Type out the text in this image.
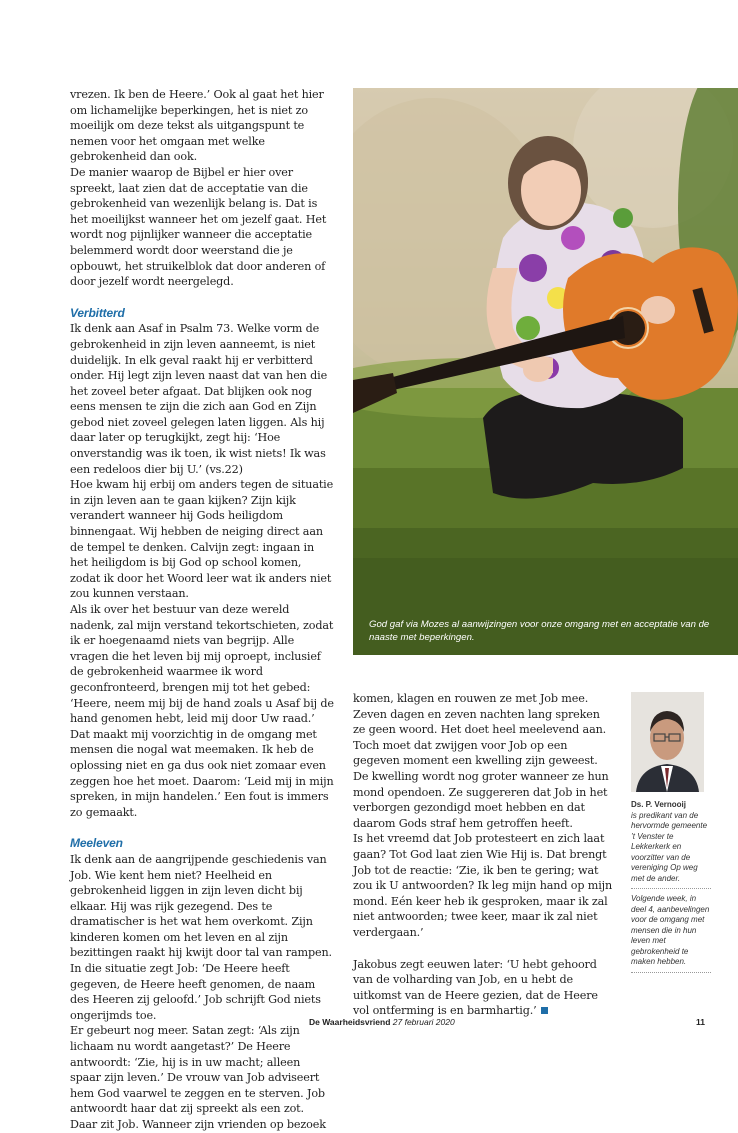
vrezen. Ik ben de Heere.’ Ook al gaat het hier om lichamelijke beperkingen, het is niet zo moeilijk om deze tekst als uitgangspunt te nemen voor het omgaan met welke gebrokenheid dan ook.

De manier waarop de Bijbel er hier over spreekt, laat zien dat de acceptatie van die gebrokenheid van wezenlijk belang is. Dat is het moeilijkst wanneer het om jezelf gaat. Het wordt nog pijnlijker wanneer die acceptatie belemmerd wordt door weerstand die je opbouwt, het struikelblok dat door anderen of door jezelf wordt neergelegd.

Verbitterd

Ik denk aan Asaf in Psalm 73. Welke vorm de gebrokenheid in zijn leven aanneemt, is niet duidelijk. In elk geval raakt hij er verbitterd onder. Hij legt zijn leven naast dat van hen die het zoveel beter afgaat. Dat blijken ook nog eens mensen te zijn die zich aan God en Zijn gebod niet zoveel gelegen laten liggen. Als hij daar later op terugkijkt, zegt hij: ‘Hoe onverstandig was ik toen, ik wist niets! Ik was een redeloos dier bij U.’ (vs.22)

Hoe kwam hij erbij om anders tegen de situatie in zijn leven aan te gaan kijken? Zijn kijk verandert wanneer hij Gods heiligdom binnengaat. Wij hebben de neiging direct aan de tempel te denken. Calvijn zegt: ingaan in het heiligdom is bij God op school komen, zodat ik door het Woord leer wat ik anders niet zou kunnen verstaan.

Als ik over het bestuur van deze wereld nadenk, zal mijn verstand tekortschieten, zodat ik er hoegenaamd niets van begrijp. Alle vragen die het leven bij mij oproept, inclusief de gebrokenheid waarmee ik word geconfronteerd, brengen mij tot het gebed: ‘Heere, neem mij bij de hand zoals u Asaf bij de hand genomen hebt, leid mij door Uw raad.’

Dat maakt mij voorzichtig in de omgang met mensen die nogal wat meemaken. Ik heb de oplossing niet en ga dus ook niet zomaar even zeggen hoe het moet. Daarom: ‘Leid mij in mijn spreken, in mijn handelen.’ Een fout is immers zo gemaakt.

Meeleven

Ik denk aan de aangrijpende geschiedenis van Job. Wie kent hem niet? Heelheid en gebrokenheid liggen in zijn leven dicht bij elkaar. Hij was rijk gezegend. Des te dramatischer is het wat hem overkomt. Zijn kinderen komen om het leven en al zijn bezittingen raakt hij kwijt door tal van rampen. In die situatie zegt Job: ‘De Heere heeft gegeven, de Heere heeft genomen, de naam des Heeren zij geloofd.’ Job schrijft God niets ongerijmds toe.

Er gebeurt nog meer. Satan zegt: ‘Als zijn lichaam nu wordt aangetast?’ De Heere antwoordt: ‘Zie, hij is in uw macht; alleen spaar zijn leven.’ De vrouw van Job adviseert hem God vaarwel te zeggen en te sterven. Job antwoordt haar dat zij spreekt als een zot.

Daar zit Job. Wanneer zijn vrienden op bezoek

God gaf via Mozes al aanwijzingen voor onze omgang met en acceptatie van de naaste met beperkingen.

komen, klagen en rouwen ze met Job mee. Zeven dagen en zeven nachten lang spreken ze geen woord. Het doet heel meelevend aan. Toch moet dat zwijgen voor Job op een gegeven moment een kwelling zijn geweest. De kwelling wordt nog groter wanneer ze hun mond opendoen. Ze suggereren dat Job in het verborgen gezondigd moet hebben en dat daarom Gods straf hem getroffen heeft.

Is het vreemd dat Job protesteert en zich laat gaan? Tot God laat zien Wie Hij is. Dat brengt Job tot de reactie: ‘Zie, ik ben te gering; wat zou ik U antwoorden? Ik leg mijn hand op mijn mond. Eén keer heb ik gesproken, maar ik zal niet antwoorden; twee keer, maar ik zal niet verdergaan.’

Jakobus zegt eeuwen later: ‘U hebt gehoord van de volharding van Job, en u hebt de uitkomst van de Heere gezien, dat de Heere vol ontferming is en barmhartig.’

Ds. P. Vernooij
is predikant van de hervormde gemeente ’t Venster te Lekkerkerk en voorzitter van de vereniging Op weg met de ander.
Volgende week, in deel 4, aanbevelingen voor de omgang met mensen die in hun leven met gebrokenheid te maken hebben.
De Waarheidsvriend 27 februari 2020	11
